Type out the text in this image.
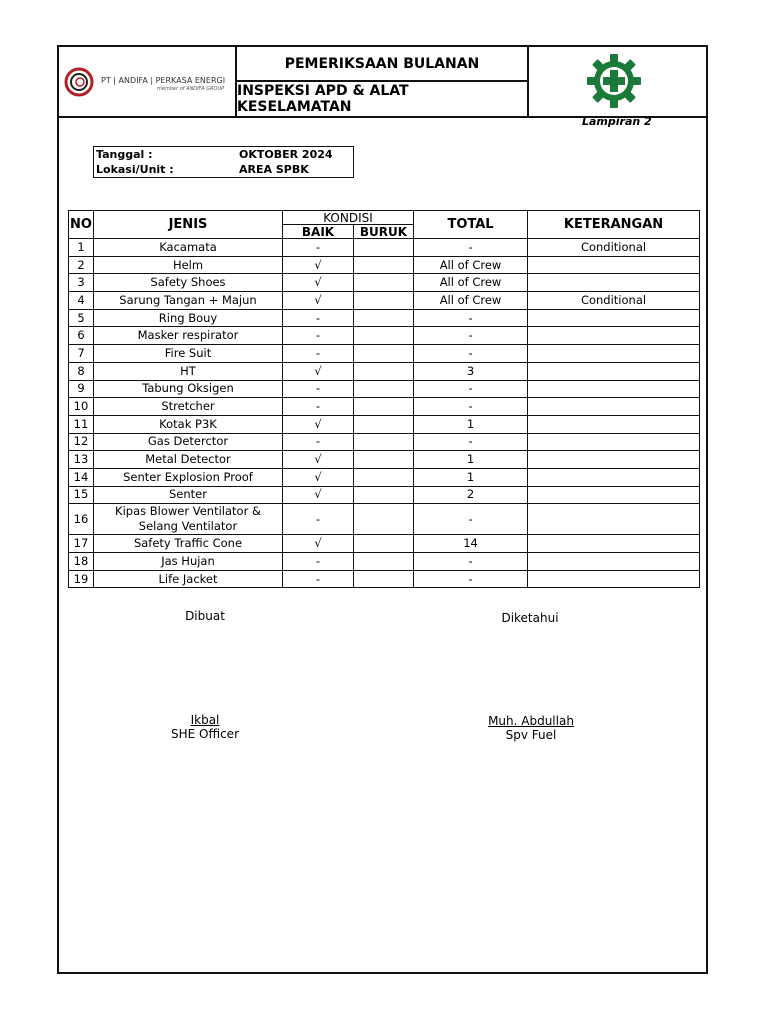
PT | ANDIFA | PERKASA ENERGI
member of ANDIFA GROUP
PEMERIKSAAN BULANAN
INSPEKSI APD & ALAT KESELAMATAN
Lampiran 2
Tanggal :	OKTOBER 2024
Lokasi/Unit :	AREA SPBK
NO	JENIS	KONDISI		TOTAL	KETERANGAN
		BAIK	BURUK		
1	Kacamata	-		-	Conditional
2	Helm	√		All of Crew	
3	Safety Shoes	√		All of Crew	
4	Sarung Tangan + Majun	√		All of Crew	Conditional
5	Ring Bouy	-		-	
6	Masker respirator	-		-	
7	Fire Suit	-		-	
8	HT	√		3	
9	Tabung Oksigen	-		-	
10	Stretcher	-		-	
11	Kotak P3K	√		1	
12	Gas Deterctor	-		-	
13	Metal Detector	√		1	
14	Senter Explosion Proof	√		1	
15	Senter	√		2	
16	Kipas Blower Ventilator &
Selang Ventilator	-		-	
17	Safety Traffic Cone	√		14	
18	Jas Hujan	-		-	
19	Life Jacket	-		-	
Dibuat
Ikbal
SHE Officer
Diketahui
Muh. Abdullah
Spv Fuel
